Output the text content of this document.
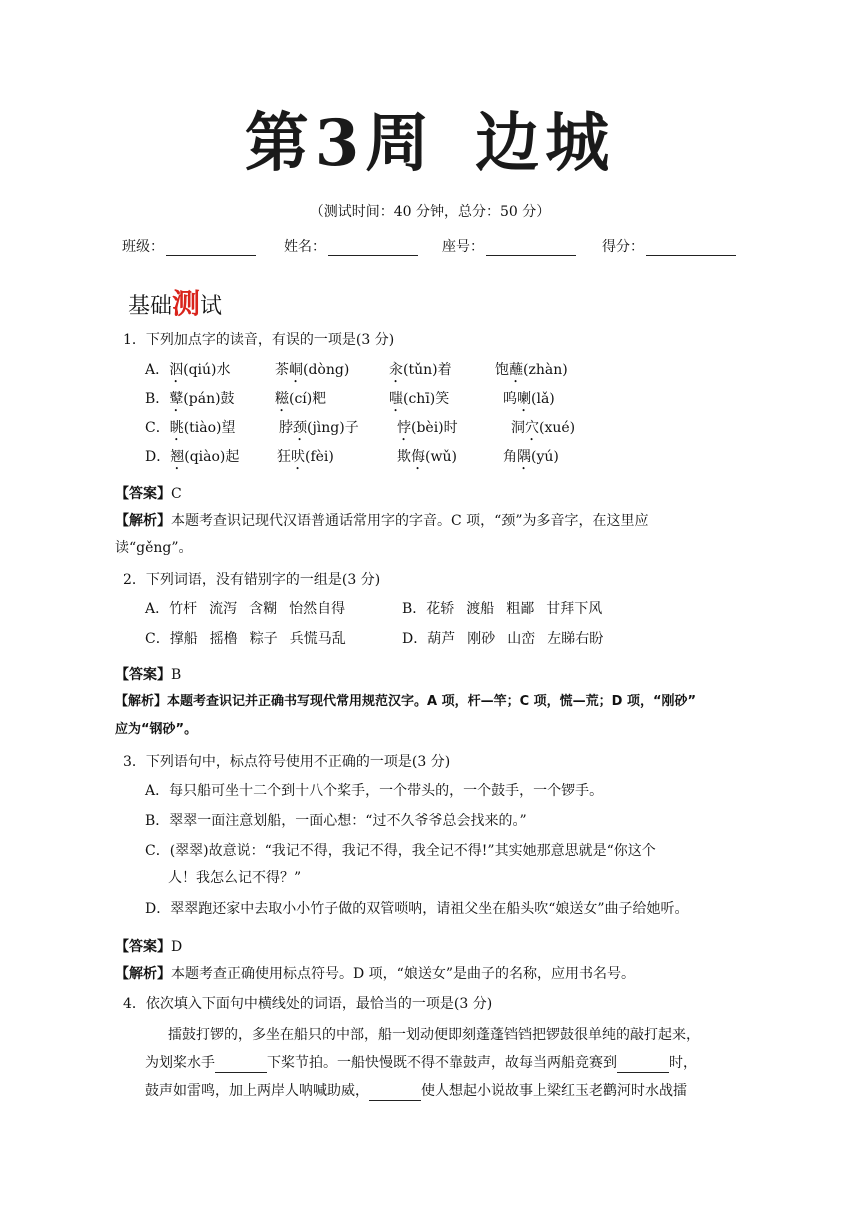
第3周 边城
（测试时间：40 分钟，总分：50 分）
班级：	姓名：	座号：	得分：
基础测试
1．下列加点字的读音，有误的一项是(3 分)
A．泅(qiú)水	茶峒(dòng)	汆(tǔn)着	饱蘸(zhàn)
B．鼙(pán)鼓	糍(cí)粑	嗤(chī)笑	呜喇(lǎ)
C．眺(tiào)望	脖颈(jìng)子	悖(bèi)时	洞穴(xué)
D．翘(qiào)起	狂吠(fèi)	欺侮(wǔ)	角隅(yú)
【答案】C
【解析】本题考查识记现代汉语普通话常用字的字音。C 项，“颈”为多音字，在这里应
读“gěng”。
2．下列词语，没有错别字的一组是(3 分)
A．竹杆 流泻 含糊 怡然自得	B．花轿 渡船 粗鄙 甘拜下风
C．撑船 摇橹 粽子 兵慌马乱	D．葫芦 刚砂 山峦 左睇右盼
【答案】B
【解析】本题考查识记并正确书写现代常用规范汉字。A 项，杆—竿；C 项，慌—荒；D 项，“刚砂”
应为“钢砂”。
3．下列语句中，标点符号使用不正确的一项是(3 分)
A．每只船可坐十二个到十八个桨手，一个带头的，一个鼓手，一个锣手。
B．翠翠一面注意划船，一面心想：“过不久爷爷总会找来的。”
C．(翠翠)故意说：“我记不得，我记不得，我全记不得!”其实她那意思就是“你这个
人！我怎么记不得？”
D．翠翠跑还家中去取小小竹子做的双管唢呐，请祖父坐在船头吹“娘送女”曲子给她听。
【答案】D
【解析】本题考查正确使用标点符号。D 项，“娘送女”是曲子的名称，应用书名号。
4．依次填入下面句中横线处的词语，最恰当的一项是(3 分)
擂鼓打锣的，多坐在船只的中部，船一划动便即刻蓬蓬铛铛把锣鼓很单纯的敲打起来，
为划桨水手	下桨节拍。一船快慢既不得不靠鼓声，故每当两船竞赛到	时，
鼓声如雷鸣，加上两岸人呐喊助威，	使人想起小说故事上梁红玉老鹳河时水战擂
